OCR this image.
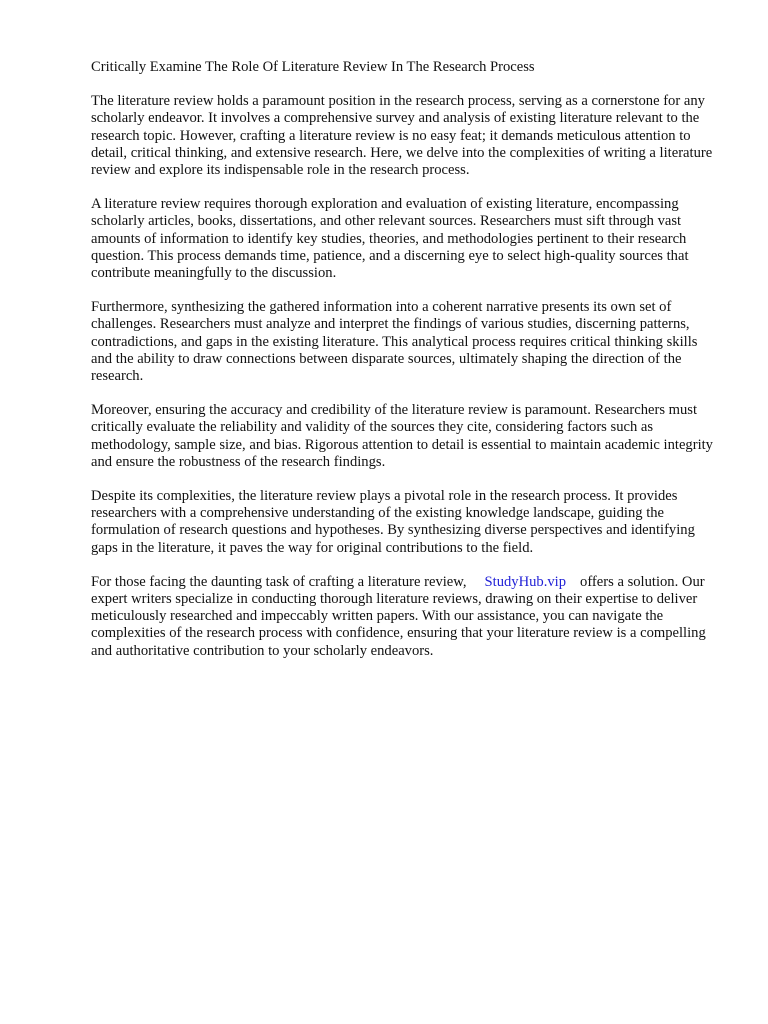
Critically Examine The Role Of Literature Review In The Research Process

The literature review holds a paramount position in the research process, serving as a cornerstone for any scholarly endeavor. It involves a comprehensive survey and analysis of existing literature relevant to the research topic. However, crafting a literature review is no easy feat; it demands meticulous attention to detail, critical thinking, and extensive research. Here, we delve into the complexities of writing a literature review and explore its indispensable role in the research process.

A literature review requires thorough exploration and evaluation of existing literature, encompassing scholarly articles, books, dissertations, and other relevant sources. Researchers must sift through vast amounts of information to identify key studies, theories, and methodologies pertinent to their research question. This process demands time, patience, and a discerning eye to select high-quality sources that contribute meaningfully to the discussion.

Furthermore, synthesizing the gathered information into a coherent narrative presents its own set of challenges. Researchers must analyze and interpret the findings of various studies, discerning patterns, contradictions, and gaps in the existing literature. This analytical process requires critical thinking skills and the ability to draw connections between disparate sources, ultimately shaping the direction of the research.

Moreover, ensuring the accuracy and credibility of the literature review is paramount. Researchers must critically evaluate the reliability and validity of the sources they cite, considering factors such as methodology, sample size, and bias. Rigorous attention to detail is essential to maintain academic integrity and ensure the robustness of the research findings.

Despite its complexities, the literature review plays a pivotal role in the research process. It provides researchers with a comprehensive understanding of the existing knowledge landscape, guiding the formulation of research questions and hypotheses. By synthesizing diverse perspectives and identifying gaps in the literature, it paves the way for original contributions to the field.

For those facing the daunting task of crafting a literature review, StudyHub.vip offers a solution. Our expert writers specialize in conducting thorough literature reviews, drawing on their expertise to deliver meticulously researched and impeccably written papers. With our assistance, you can navigate the complexities of the research process with confidence, ensuring that your literature review is a compelling and authoritative contribution to your scholarly endeavors.
